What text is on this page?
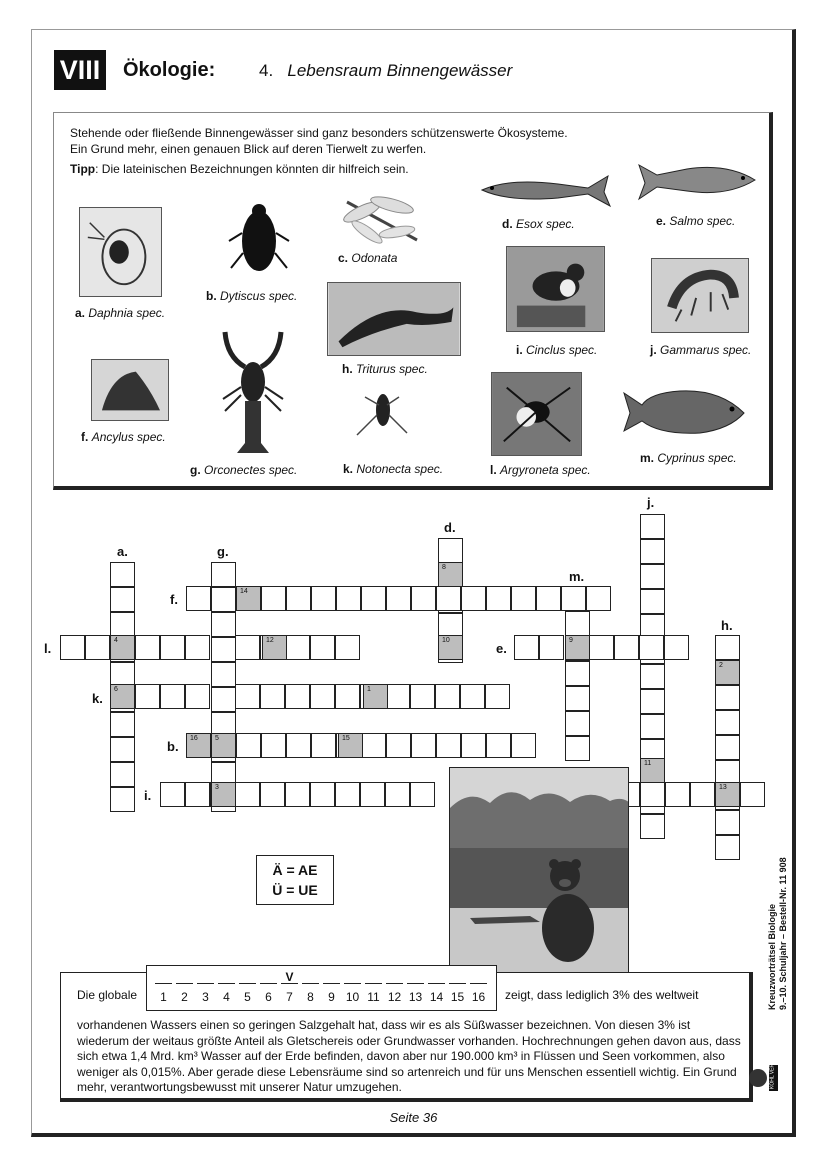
VIII Ökologie:	4. Lebensraum Binnengewässer

Stehende oder fließende Binnengewässer sind ganz besonders schützenswerte Ökosysteme.

Ein Grund mehr, einen genauen Blick auf deren Tierwelt zu werfen.

Tipp: Die lateinischen Bezeichnungen könnten dir hilfreich sein.

a. Daphnia spec.
b. Dytiscus spec.
c. Odonata
d. Esox spec.	e. Salmo spec.
f. Ancylus spec.
g. Orconectes spec.
h. Triturus spec.
i. Cinclus spec.	j. Gammarus spec.
k. Notonecta spec.	l. Argyroneta spec.
m. Cyprinus spec.
a.	g.
d.
m.
j.
h.
f.
l.	e.
k.
b.
i.
8
14
4	12	10	9
2
6	1
16 5	15
11
3	13
Ä = AE
Ü = UE
Die globale	zeigt, dass lediglich 3% des weltweit
vorhandenen Wassers einen so geringen Salzgehalt hat, dass wir es als Süßwasser bezeichnen. Von diesen 3% ist wiederum der weitaus größte Anteil als Gletschereis oder Grundwasser vorhanden. Hochrechnungen gehen davon aus, dass sich etwa 1,4 Mrd. km³ Wasser auf der Erde befinden, davon aber nur 190.000 km³ in Flüssen und Seen vorkommen, also weniger als 0,015%. Aber gerade diese Lebensräume sind so artenreich und für uns Menschen essentiell wichtig. Ein Grund mehr, verantwortungsbewusst mit unserer Natur umzugehen.
1	2	3	4	5	6
V
7	8	9 10 11 12 13 14 15 16	Kreuzworträtsel Biologie 9.–10. Schuljahr – Bestell-Nr. 11 908
KOHL VERLAG
Seite 36
